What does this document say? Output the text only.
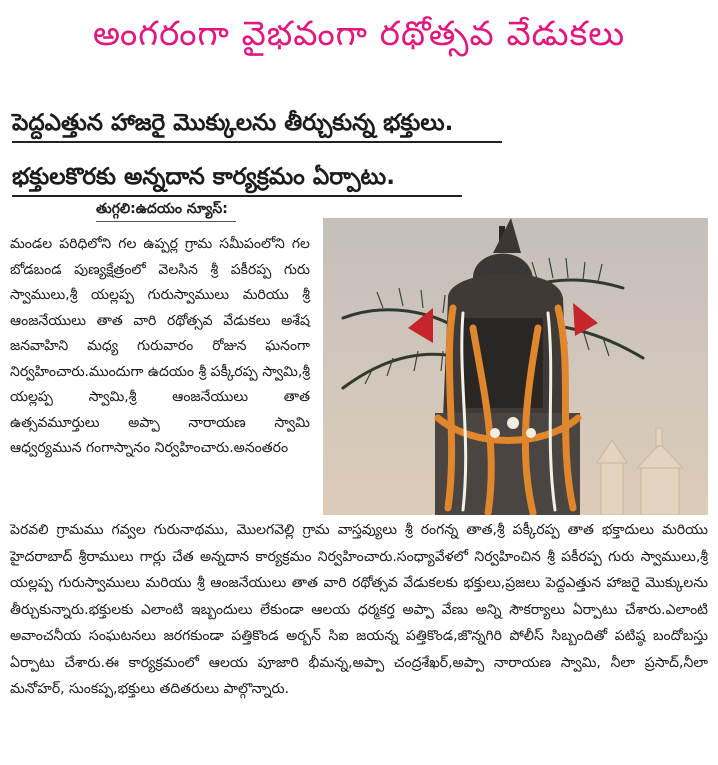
అంగరంగా వైభవంగా రథోత్సవ వేడుకలు
పెద్దఎత్తున హాజరై మొక్కులను తీర్చుకున్న భక్తులు.
భక్తులకొరకు అన్నదాన కార్యక్రమం ఏర్పాటు.
తుగ్గలి:ఉదయం న్యూస్:
మండల పరిధిలోని గల ఉప్పర్ల గ్రామ సమీపంలోని గల బోడబండ పుణ్యక్షేత్రంలో వెలసిన శ్రీ పకీరప్ప గురు స్వాములు,శ్రీ యల్లప్ప గురుస్వాములు మరియు శ్రీ ఆంజనేయులు తాత వారి రథోత్సవ వేడుకలు అశేష జనవాహిని మధ్య గురువారం రోజున ఘనంగా నిర్వహించారు.ముందుగా ఉదయం శ్రీ పక్కీరప్ప స్వామి,శ్రీ యల్లప్ప స్వామి,శ్రీ ఆంజనేయులు తాత ఉత్సవమూర్తులు అప్పా నారాయణ స్వామి ఆధ్వర్యమున గంగాస్నానం నిర్వహించారు.అనంతరం
పెరవలి గ్రామము గవ్వల గురునాథము, మొలగవెల్లి గ్రామ వాస్తవ్యులు శ్రీ రంగన్న తాత,శ్రీ పక్కీరప్ప తాత భక్తాదులు మరియు హైదరాబాద్ శ్రీరాములు గార్లు చేత అన్నదాన కార్యక్రమం నిర్వహించారు.సంధ్యావేళలో నిర్వహించిన శ్రీ పకీరప్ప గురు స్వాములు,శ్రీ యల్లప్ప గురుస్వాములు మరియు శ్రీ ఆంజనేయులు తాత వారి రథోత్సవ వేడుకలకు భక్తులు,ప్రజలు పెద్దఎత్తున హాజరై మొక్కులను తీర్చుకున్నారు.భక్తులకు ఎలాంటి ఇబ్బందులు లేకుండా ఆలయ ధర్మకర్త అప్పా వేణు అన్ని సౌకర్యాలు ఏర్పాటు చేశారు.ఎలాంటి అవాంచనీయ సంఘటనలు జరగకుండా పత్తికొండ అర్బన్ సిఐ జయన్న పత్తికొండ,జొన్నగిరి పోలీస్ సిబ్బందితో పటిష్ఠ బందోబస్తు ఏర్పాటు చేశారు.ఈ కార్యక్రమంలో ఆలయ పూజారి భీమన్న,అప్పా చంద్రశేఖర్,అప్పా నారాయణ స్వామి, నీలా ప్రసాద్,నీలా మనోహర్, సుంకప్ప,భక్తులు తదితరులు పాల్గొన్నారు.
